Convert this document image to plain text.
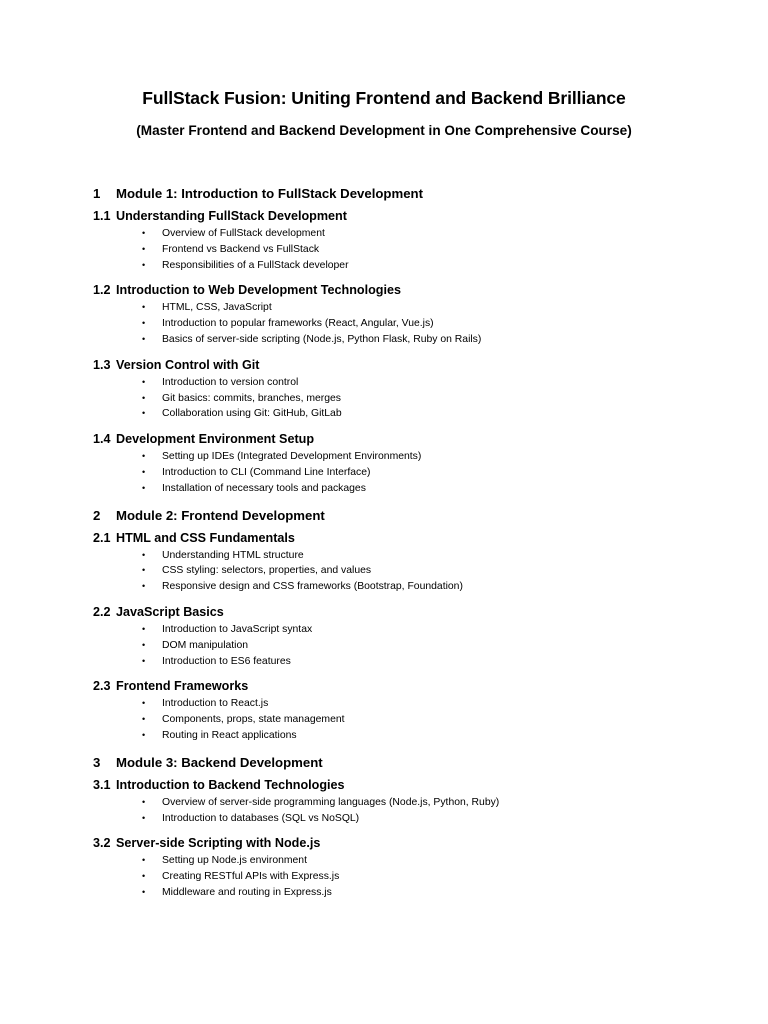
FullStack Fusion: Uniting Frontend and Backend Brilliance
(Master Frontend and Backend Development in One Comprehensive Course)
1	Module 1: Introduction to FullStack Development
1.1 Understanding FullStack Development
•	Overview of FullStack development
•	Frontend vs Backend vs FullStack
•	Responsibilities of a FullStack developer
1.2 Introduction to Web Development Technologies
•	HTML, CSS, JavaScript
•	Introduction to popular frameworks (React, Angular, Vue.js)
•	Basics of server-side scripting (Node.js, Python Flask, Ruby on Rails)
1.3 Version Control with Git
•	Introduction to version control
•	Git basics: commits, branches, merges
•	Collaboration using Git: GitHub, GitLab
1.4 Development Environment Setup
•	Setting up IDEs (Integrated Development Environments)
•	Introduction to CLI (Command Line Interface)
•	Installation of necessary tools and packages
2	Module 2: Frontend Development
2.1 HTML and CSS Fundamentals
•	Understanding HTML structure
•	CSS styling: selectors, properties, and values
•	Responsive design and CSS frameworks (Bootstrap, Foundation)
2.2 JavaScript Basics
•	Introduction to JavaScript syntax
•	DOM manipulation
•	Introduction to ES6 features
2.3 Frontend Frameworks
•	Introduction to React.js
•	Components, props, state management
•	Routing in React applications
3	Module 3: Backend Development
3.1 Introduction to Backend Technologies
•	Overview of server-side programming languages (Node.js, Python, Ruby)
•	Introduction to databases (SQL vs NoSQL)
3.2 Server-side Scripting with Node.js
•	Setting up Node.js environment
•	Creating RESTful APIs with Express.js
•	Middleware and routing in Express.js
